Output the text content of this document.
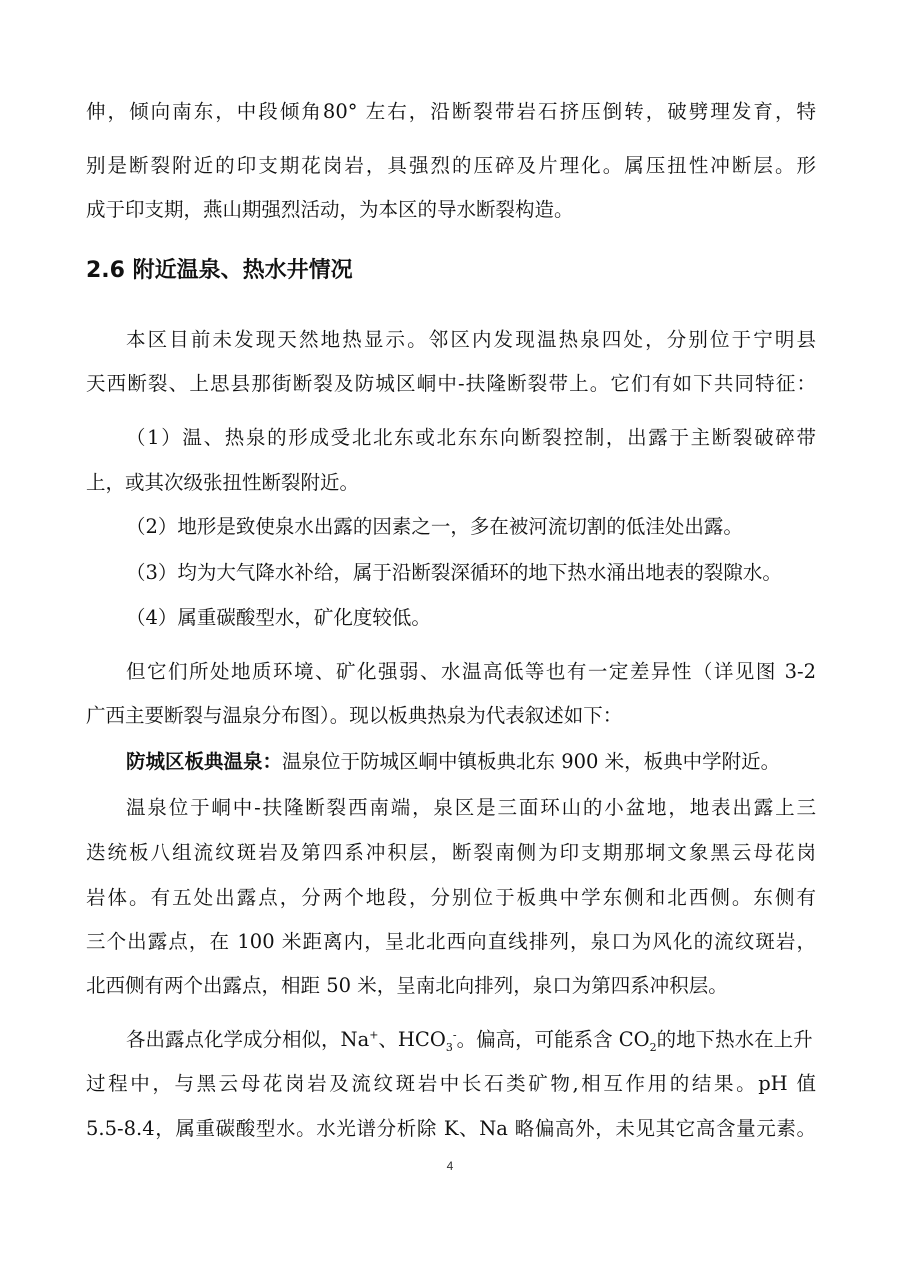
伸，倾向南东，中段倾角80° 左右，沿断裂带岩石挤压倒转，破劈理发育，特
别是断裂附近的印支期花岗岩，具强烈的压碎及片理化。属压扭性冲断层。形
成于印支期，燕山期强烈活动，为本区的导水断裂构造。
2.6 附近温泉、热水井情况
本区目前未发现天然地热显示。邻区内发现温热泉四处，分别位于宁明县
天西断裂、上思县那街断裂及防城区峒中-扶隆断裂带上。它们有如下共同特征：
（1）温、热泉的形成受北北东或北东东向断裂控制，出露于主断裂破碎带
上，或其次级张扭性断裂附近。
（2）地形是致使泉水出露的因素之一，多在被河流切割的低洼处出露。
（3）均为大气降水补给，属于沿断裂深循环的地下热水涌出地表的裂隙水。
（4）属重碳酸型水，矿化度较低。
但它们所处地质环境、矿化强弱、水温高低等也有一定差异性（详见图 3-2
广西主要断裂与温泉分布图）。现以板典热泉为代表叙述如下：
防城区板典温泉：温泉位于防城区峒中镇板典北东 900 米，板典中学附近。
温泉位于峒中-扶隆断裂西南端，泉区是三面环山的小盆地，地表出露上三
迭统板八组流纹斑岩及第四系冲积层，断裂南侧为印支期那垌文象黑云母花岗
岩体。有五处出露点，分两个地段，分别位于板典中学东侧和北西侧。东侧有
三个出露点，在 100 米距离内，呈北北西向直线排列，泉口为风化的流纹斑岩，
北西侧有两个出露点，相距 50 米，呈南北向排列，泉口为第四系冲积层。
各出露点化学成分相似，Na+、$HCO_3^-$。偏高，可能系含 $CO_2$的地下热水在上升
过程中，与黑云母花岗岩及流纹斑岩中长石类矿物,相互作用的结果。pH 值
5.5-8.4，属重碳酸型水。水光谱分析除 K、Na 略偏高外，未见其它高含量元素。
4
